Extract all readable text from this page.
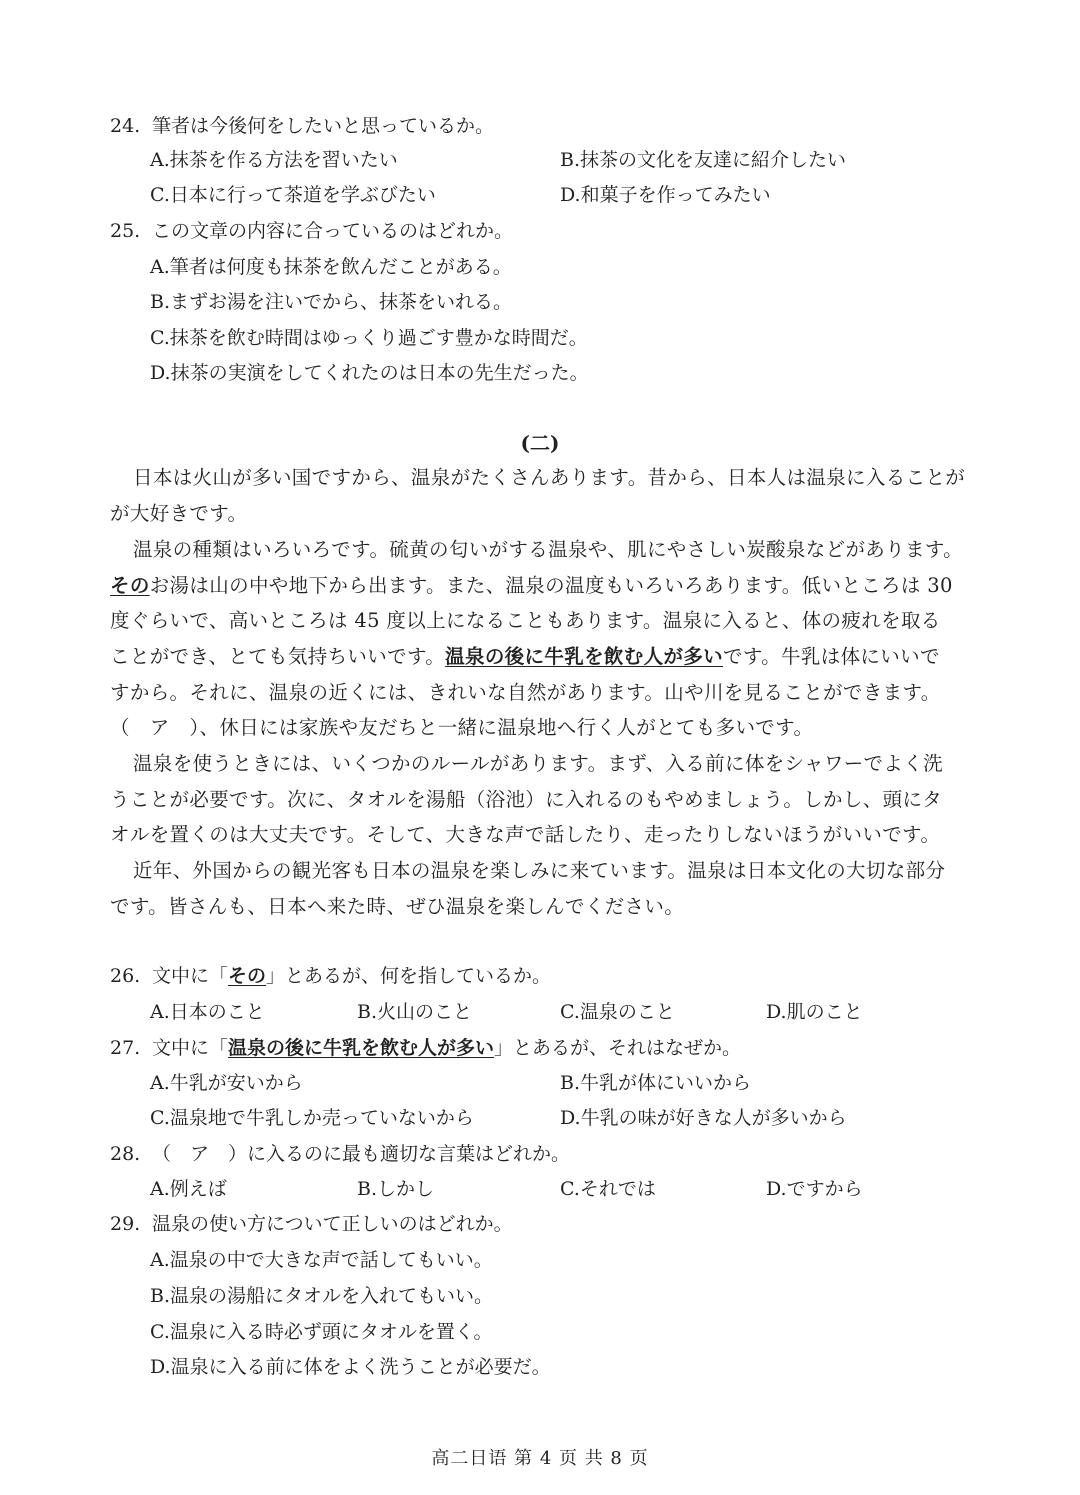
24. 筆者は今後何をしたいと思っているか。
A.抹茶を作る方法を習いたい	B.抹茶の文化を友達に紹介したい
C.日本に行って茶道を学ぶびたい	D.和菓子を作ってみたい
25. この文章の内容に合っているのはどれか。
A.筆者は何度も抹茶を飲んだことがある。
B.まずお湯を注いでから、抹茶をいれる。
C.抹茶を飲む時間はゆっくり過ごす豊かな時間だ。
D.抹茶の実演をしてくれたのは日本の先生だった。
(二)
日本は火山が多い国ですから、温泉がたくさんあります。昔から、日本人は温泉に入ることが
が大好きです。
温泉の種類はいろいろです。硫黄の匂いがする温泉や、肌にやさしい炭酸泉などがあります。
そのお湯は山の中や地下から出ます。また、温泉の温度もいろいろあります。低いところは 30
度ぐらいで、高いところは 45 度以上になることもあります。温泉に入ると、体の疲れを取る
ことができ、とても気持ちいいです。温泉の後に牛乳を飲む人が多いです。牛乳は体にいいで
すから。それに、温泉の近くには、きれいな自然があります。山や川を見ることができます。
（　ア　）、休日には家族や友だちと一緒に温泉地へ行く人がとても多いです。
温泉を使うときには、いくつかのルールがあります。まず、入る前に体をシャワーでよく洗
うことが必要です。次に、タオルを湯船（浴池）に入れるのもやめましょう。しかし、頭にタ
オルを置くのは大丈夫です。そして、大きな声で話したり、走ったりしないほうがいいです。
近年、外国からの観光客も日本の温泉を楽しみに来ています。温泉は日本文化の大切な部分
です。皆さんも、日本へ来た時、ぜひ温泉を楽しんでください。
26. 文中に「その」とあるが、何を指しているか。
A.日本のこと	B.火山のこと	C.温泉のこと	D.肌のこと
27. 文中に「温泉の後に牛乳を飲む人が多い」とあるが、それはなぜか。
A.牛乳が安いから	B.牛乳が体にいいから
C.温泉地で牛乳しか売っていないから	D.牛乳の味が好きな人が多いから
28. （　ア　）に入るのに最も適切な言葉はどれか。
A.例えば	B.しかし	C.それでは	D.ですから
29. 温泉の使い方について正しいのはどれか。
A.温泉の中で大きな声で話してもいい。
B.温泉の湯船にタオルを入れてもいい。
C.温泉に入る時必ず頭にタオルを置く。
D.温泉に入る前に体をよく洗うことが必要だ。
高二日语 第 4 页 共 8 页
